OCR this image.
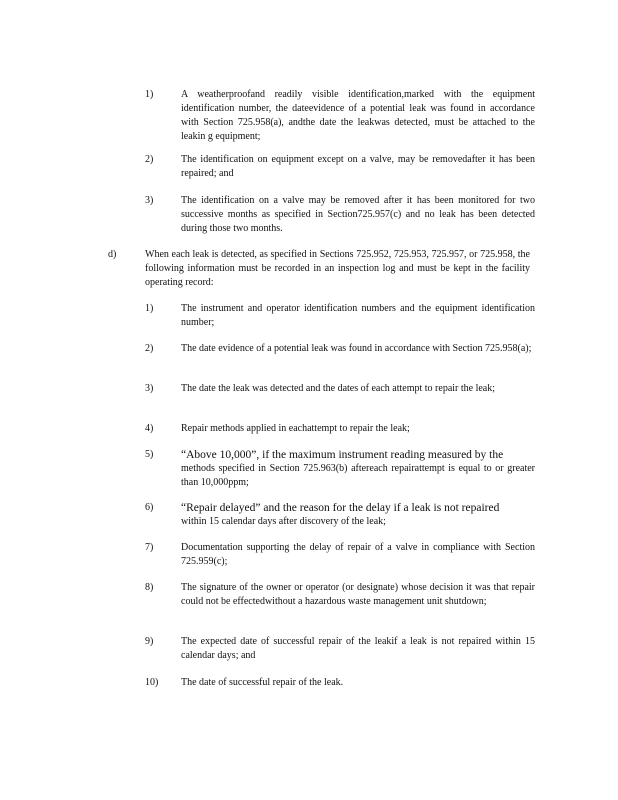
1)	A weatherproofand readily visible identification,marked with the equipment identification number, the dateevidence of a potential leak was found in accordance with Section 725.958(a), andthe date the leakwas detected, must be attached to the leakin g equipment;
2)	The identification on equipment except on a valve, may be removedafter it has been repaired; and
3)	The identification on a valve may be removed after it has been monitored for two successive months as specified in Section725.957(c) and no leak has been detected during those two months.
d)	When each leak is detected, as specified in Sections 725.952, 725.953, 725.957, or 725.958, the following information must be recorded in an inspection log and must be kept in the facility operating record:
1)	The instrument and operator identification numbers and the equipment identification number;
2)	The date evidence of a potential leak was found in accordance with Section 725.958(a);
3)	The date the leak was detected and the dates of each attempt to repair the leak;
4)	Repair methods applied in eachattempt to repair the leak;
5) “Above 10,000”, if the maximum instrument reading measured by the
methods specified in Section 725.963(b) aftereach repairattempt is equal to or greater than 10,000ppm;
6) “Repair delayed” and the reason for the delay if a leak is not repaired
within 15 calendar days after discovery of the leak;
7)	Documentation supporting the delay of repair of a valve in compliance with Section 725.959(c);
8)	The signature of the owner or operator (or designate) whose decision it was that repair could not be effectedwithout a hazardous waste management unit shutdown;
9)	The expected date of successful repair of the leakif a leak is not repaired within 15 calendar days; and
10) The date of successful repair of the leak.
